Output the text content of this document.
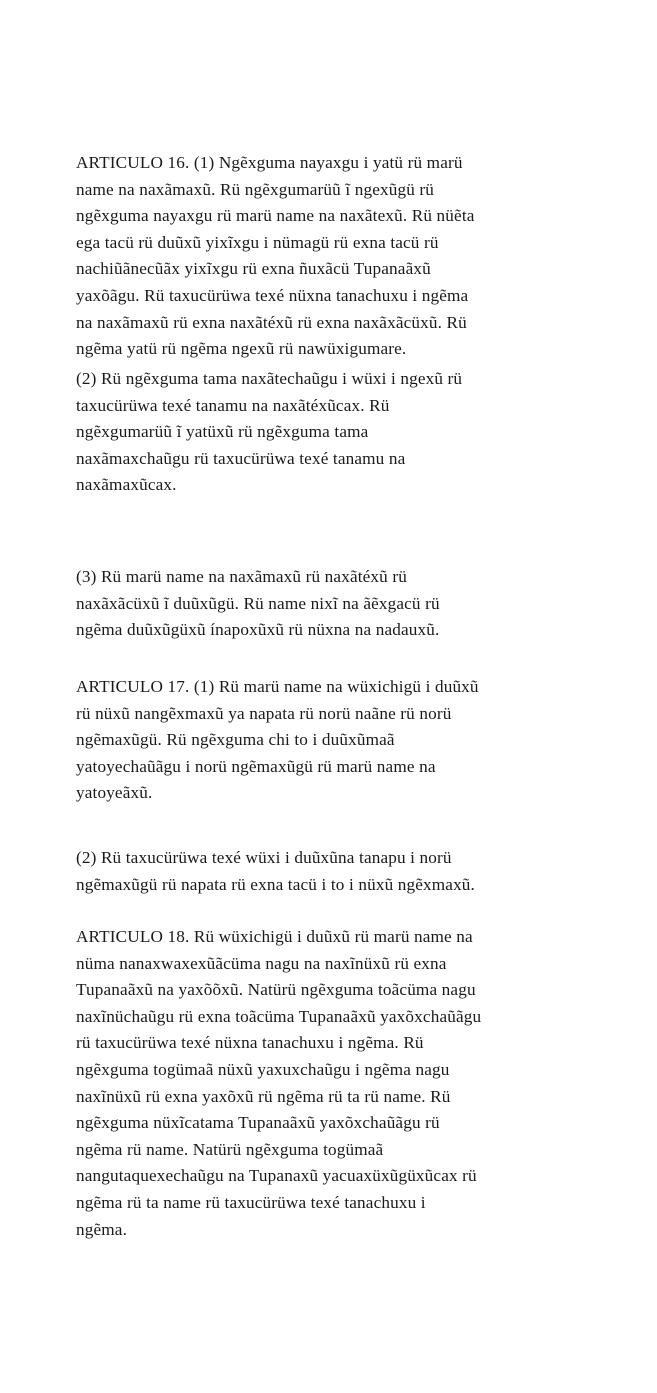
ARTICULO 16. (1) Ngẽxguma nayaxgu i yatü rü marü
name na naxãmaxũ. Rü ngẽxgumarüũ ĩ ngexũgü rü
ngẽxguma nayaxgu rü marü name na naxãtexũ. Rü nüẽta
ega tacü rü duũxũ yixĩxgu i nümagü rü exna tacü rü
nachiũãnecũãx yixĩxgu rü exna ñuxãcü Tupanaãxũ
yaxõãgu. Rü taxucürüwa texé nüxna tanachuxu i ngẽma
na naxãmaxũ rü exna naxãtéxũ rü exna naxãxãcüxũ. Rü
ngẽma yatü rü ngẽma ngexũ rü nawüxigumare.
(2) Rü ngẽxguma tama naxãtechaũgu i wüxi i ngexũ rü
taxucürüwa texé tanamu na naxãtéxũcax. Rü
ngẽxgumarüũ ĩ yatüxũ rü ngẽxguma tama
naxãmaxchaũgu rü taxucürüwa texé tanamu na
naxãmaxũcax.
(3) Rü marü name na naxãmaxũ rü naxãtéxũ rü
naxãxãcüxũ ĩ duũxũgü. Rü name nixĩ na ãẽxgacü rü
ngẽma duũxũgüxũ ínapoxũxũ rü nüxna na nadauxũ.
ARTICULO 17. (1) Rü marü name na wüxichigü i duũxũ
rü nüxũ nangẽxmaxũ ya napata rü norü naãne rü norü
ngẽmaxũgü. Rü ngẽxguma chi to i duũxũmaã
yatoyechaũãgu i norü ngẽmaxũgü rü marü name na
yatoyeãxũ.
(2) Rü taxucürüwa texé wüxi i duũxũna tanapu i norü
ngẽmaxũgü rü napata rü exna tacü i to i nüxũ ngẽxmaxũ.
ARTICULO 18. Rü wüxichigü i duũxũ rü marü name na
nüma nanaxwaxexũãcüma nagu na naxĩnüxũ rü exna
Tupanaãxũ na yaxõõxũ. Natürü ngẽxguma toãcüma nagu
naxĩnüchaũgu rü exna toãcüma Tupanaãxũ yaxõxchaũãgu
rü taxucürüwa texé nüxna tanachuxu i ngẽma. Rü
ngẽxguma togümaã nüxũ yaxuxchaũgu i ngẽma nagu
naxĩnüxũ rü exna yaxõxũ rü ngẽma rü ta rü name. Rü
ngẽxguma nüxĩcatama Tupanaãxũ yaxõxchaũãgu rü
ngẽma rü name. Natürü ngẽxguma togümaã
nangutaquexechaũgu na Tupanaxũ yacuaxüxũgüxũcax rü
ngẽma rü ta name rü taxucürüwa texé tanachuxu i
ngẽma.
